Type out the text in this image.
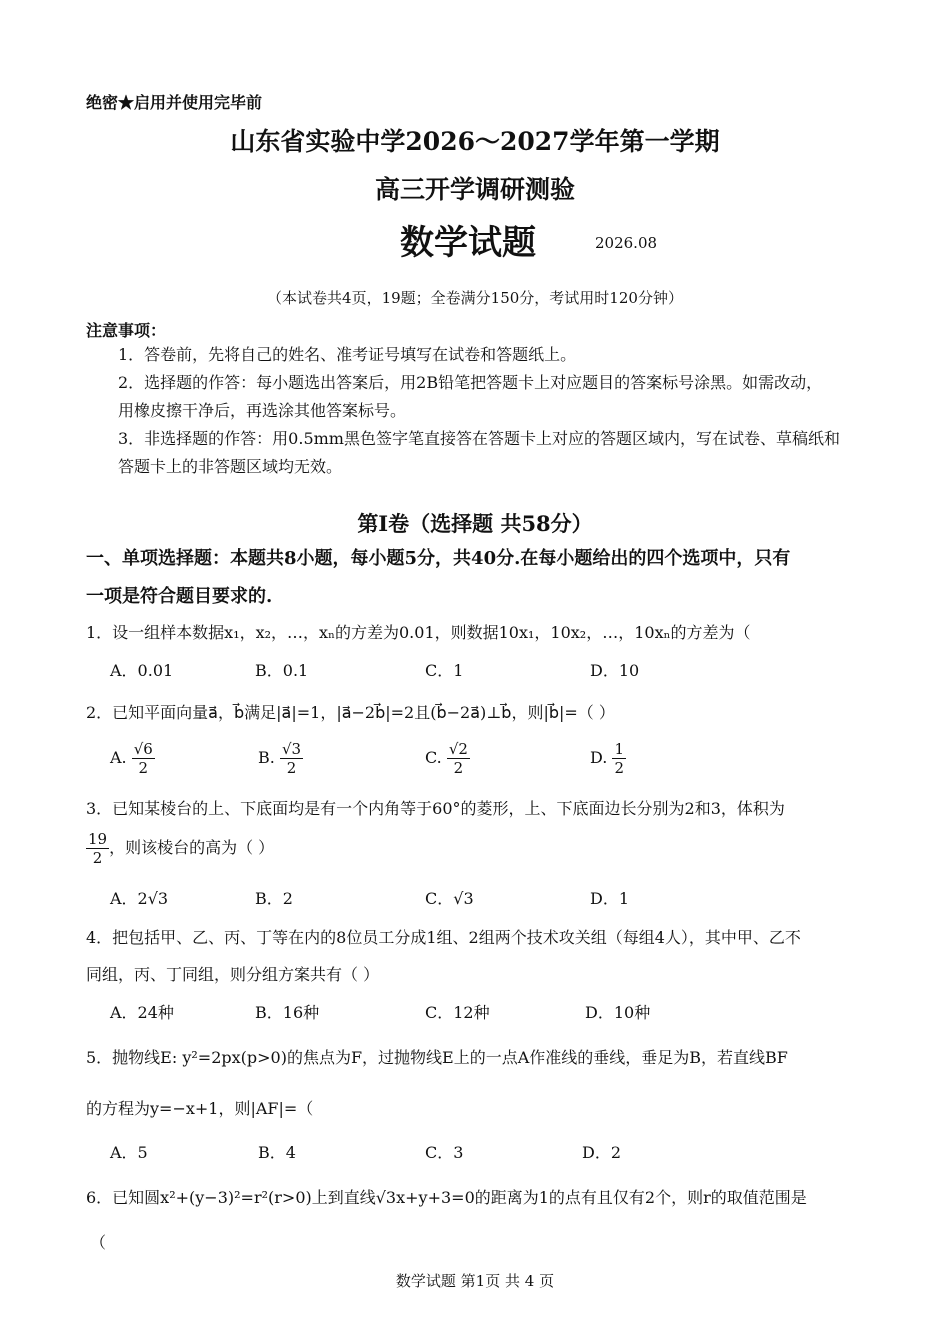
绝密★启用并使用完毕前
山东省实验中学2026～2027学年第一学期
高三开学调研测验
数学试题	2026.08
（本试卷共4页，19题；全卷满分150分，考试用时120分钟）
注意事项：
1．答卷前，先将自己的姓名、准考证号填写在试卷和答题纸上。
2．选择题的作答：每小题选出答案后，用2B铅笔把答题卡上对应题目的答案标号涂黑。如需改动，
用橡皮擦干净后，再选涂其他答案标号。
3．非选择题的作答：用0.5mm黑色签字笔直接答在答题卡上对应的答题区域内，写在试卷、草稿纸和
答题卡上的非答题区域均无效。
第Ⅰ卷（选择题 共58分）
一、单项选择题：本题共8小题，每小题5分，共40分.在每小题给出的四个选项中，只有
一项是符合题目要求的.
1．设一组样本数据x₁，x₂，…，xₙ的方差为0.01，则数据10x₁，10x₂，…，10xₙ的方差为（
A．0.01	B．0.1	C．1	D．10
2．已知平面向量a⃗，b⃗满足|a⃗|=1，|a⃗−2b⃗|=2且(b⃗−2a⃗)⊥b⃗，则|b⃗|=（ ）
A. $\frac{√6}{2}$	B. $\frac{√3}{2}$	C. $\frac{√2}{2}$	D. $\frac{1}{2}$
3．已知某棱台的上、下底面均是有一个内角等于60°的菱形，上、下底面边长分别为2和3，体积为
$\frac{19}{2}$ ，则该棱台的高为（ ）
A．2√3	B．2	C．√3	D．1
4．把包括甲、乙、丙、丁等在内的8位员工分成1组、2组两个技术攻关组（每组4人），其中甲、乙不
同组，丙、丁同组，则分组方案共有（ ）
A．24种	B．16种	C．12种	D．10种
5．抛物线E: y²=2px(p>0)的焦点为F，过抛物线E上的一点A作准线的垂线，垂足为B，若直线BF
的方程为y=−x+1，则|AF|=（
A．5	B．4	C．3	D．2
6．已知圆x²+(y−3)²=r²(r>0)上到直线√3x+y+3=0的距离为1的点有且仅有2个，则r的取值范围是
（
数学试题 第1页 共 4 页
